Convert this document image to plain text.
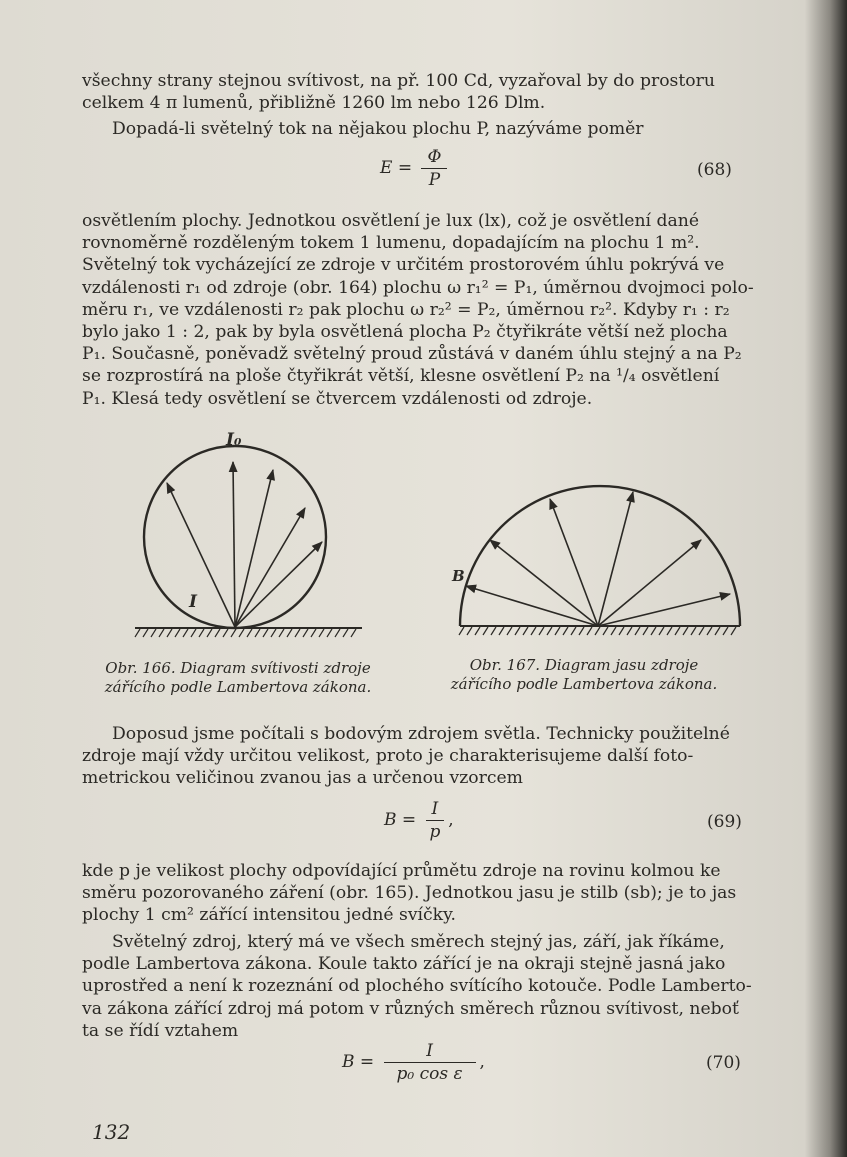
všechny strany stejnou svítivost, na př. 100 Cd, vyzařoval by do prostoru
celkem 4 π lumenů, přibližně 1260 lm nebo 126 Dlm.
Dopadá-li světelný tok na nějakou plochu P, nazýváme poměr
$E = \frac{\Phi}{P}$	(68)
osvětlením plochy. Jednotkou osvětlení je lux (lx), což je osvětlení dané
rovnoměrně rozděleným tokem 1 lumenu, dopadajícím na plochu 1 m².
Světelný tok vycházející ze zdroje v určitém prostorovém úhlu pokrývá ve
vzdálenosti r₁ od zdroje (obr. 164) plochu ω r₁² = P₁, úměrnou dvojmoci polo-
měru r₁, ve vzdálenosti r₂ pak plochu ω r₂² = P₂, úměrnou r₂². Kdyby r₁ : r₂
bylo jako 1 : 2, pak by byla osvětlená plocha P₂ čtyřikráte větší než plocha
P₁. Současně, poněvadž světelný proud zůstává v daném úhlu stejný a na P₂
se rozprostírá na ploše čtyřikrát větší, klesne osvětlení P₂ na ¹/₄ osvětlení
P₁. Klesá tedy osvětlení se čtvercem vzdálenosti od zdroje.
I₀
I
B
Obr. 166. Diagram svítivosti zdroje
zářícího podle Lambertova zákona.
Obr. 167. Diagram jasu zdroje
zářícího podle Lambertova zákona.
Doposud jsme počítali s bodovým zdrojem světla. Technicky použitelné
zdroje mají vždy určitou velikost, proto je charakterisujeme další foto-
metrickou veličinou zvanou jas a určenou vzorcem
$B = \frac{I}{p}$ ,	(69)
kde p je velikost plochy odpovídající průmětu zdroje na rovinu kolmou ke
směru pozorovaného záření (obr. 165). Jednotkou jasu je stilb (sb); je to jas
plochy 1 cm² zářící intensitou jedné svíčky.
Světelný zdroj, který má ve všech směrech stejný jas, září, jak říkáme,
podle Lambertova zákona. Koule takto zářící je na okraji stejně jasná jako
uprostřed a není k rozeznání od plochého svítícího kotouče. Podle Lamberto-
va zákona zářící zdroj má potom v různých směrech různou svítivost, neboť
ta se řídí vztahem
$B = \frac{I}{\text{p₀ cos ε}}$ ,	(70)
132
